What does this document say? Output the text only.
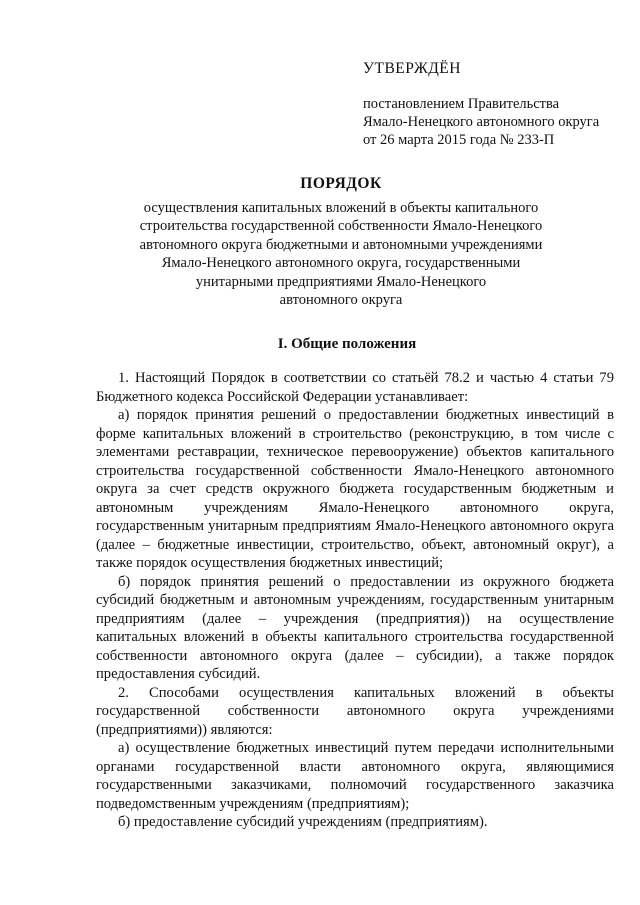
УТВЕРЖДЁН
постановлением Правительства
Ямало-Ненецкого автономного округа
от 26 марта 2015 года № 233-П
ПОРЯДОК
осуществления капитальных вложений в объекты капитального
строительства государственной собственности Ямало-Ненецкого
автономного округа бюджетными и автономными учреждениями
Ямало-Ненецкого автономного округа, государственными
унитарными предприятиями Ямало-Ненецкого
автономного округа
I. Общие положения

1. Настоящий Порядок в соответствии со статьёй 78.2 и частью 4 статьи 79 Бюджетного кодекса Российской Федерации устанавливает:

а) порядок принятия решений о предоставлении бюджетных инвестиций в форме капитальных вложений в строительство (реконструкцию, в том числе с элементами реставрации, техническое перевооружение) объектов капитального строительства государственной собственности Ямало-Ненецкого автономного округа за счет средств окружного бюджета государственным бюджетным и автономным учреждениям Ямало-Ненецкого автономного округа, государственным унитарным предприятиям Ямало-Ненецкого автономного округа (далее – бюджетные инвестиции, строительство, объект, автономный округ), а также порядок осуществления бюджетных инвестиций;

б) порядок принятия решений о предоставлении из окружного бюджета субсидий бюджетным и автономным учреждениям, государственным унитарным предприятиям (далее – учреждения (предприятия)) на осуществление капитальных вложений в объекты капитального строительства государственной собственности автономного округа (далее – субсидии), а также порядок предоставления субсидий.

2. Способами осуществления капитальных вложений в объекты государственной собственности автономного округа учреждениями (предприятиями)) являются:

а) осуществление бюджетных инвестиций путем передачи исполнительными органами государственной власти автономного округа, являющимися государственными заказчиками, полномочий государственного заказчика подведомственным учреждениям (предприятиям);

б) предоставление субсидий учреждениям (предприятиям).
